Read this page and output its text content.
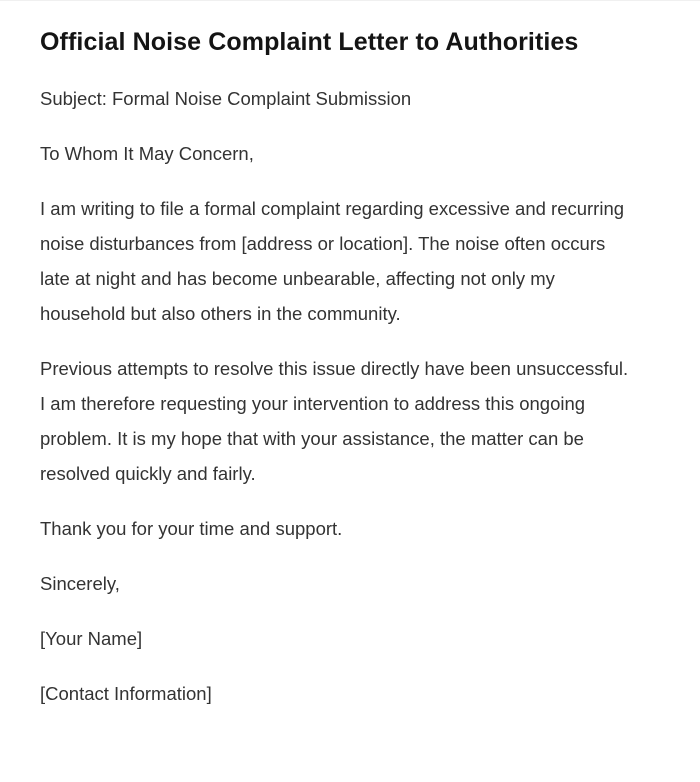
Official Noise Complaint Letter to Authorities

Subject: Formal Noise Complaint Submission

To Whom It May Concern,

I am writing to file a formal complaint regarding excessive and recurring noise disturbances from [address or location]. The noise often occurs late at night and has become unbearable, affecting not only my household but also others in the community.

Previous attempts to resolve this issue directly have been unsuccessful. I am therefore requesting your intervention to address this ongoing problem. It is my hope that with your assistance, the matter can be resolved quickly and fairly.

Thank you for your time and support.

Sincerely,

[Your Name]

[Contact Information]
